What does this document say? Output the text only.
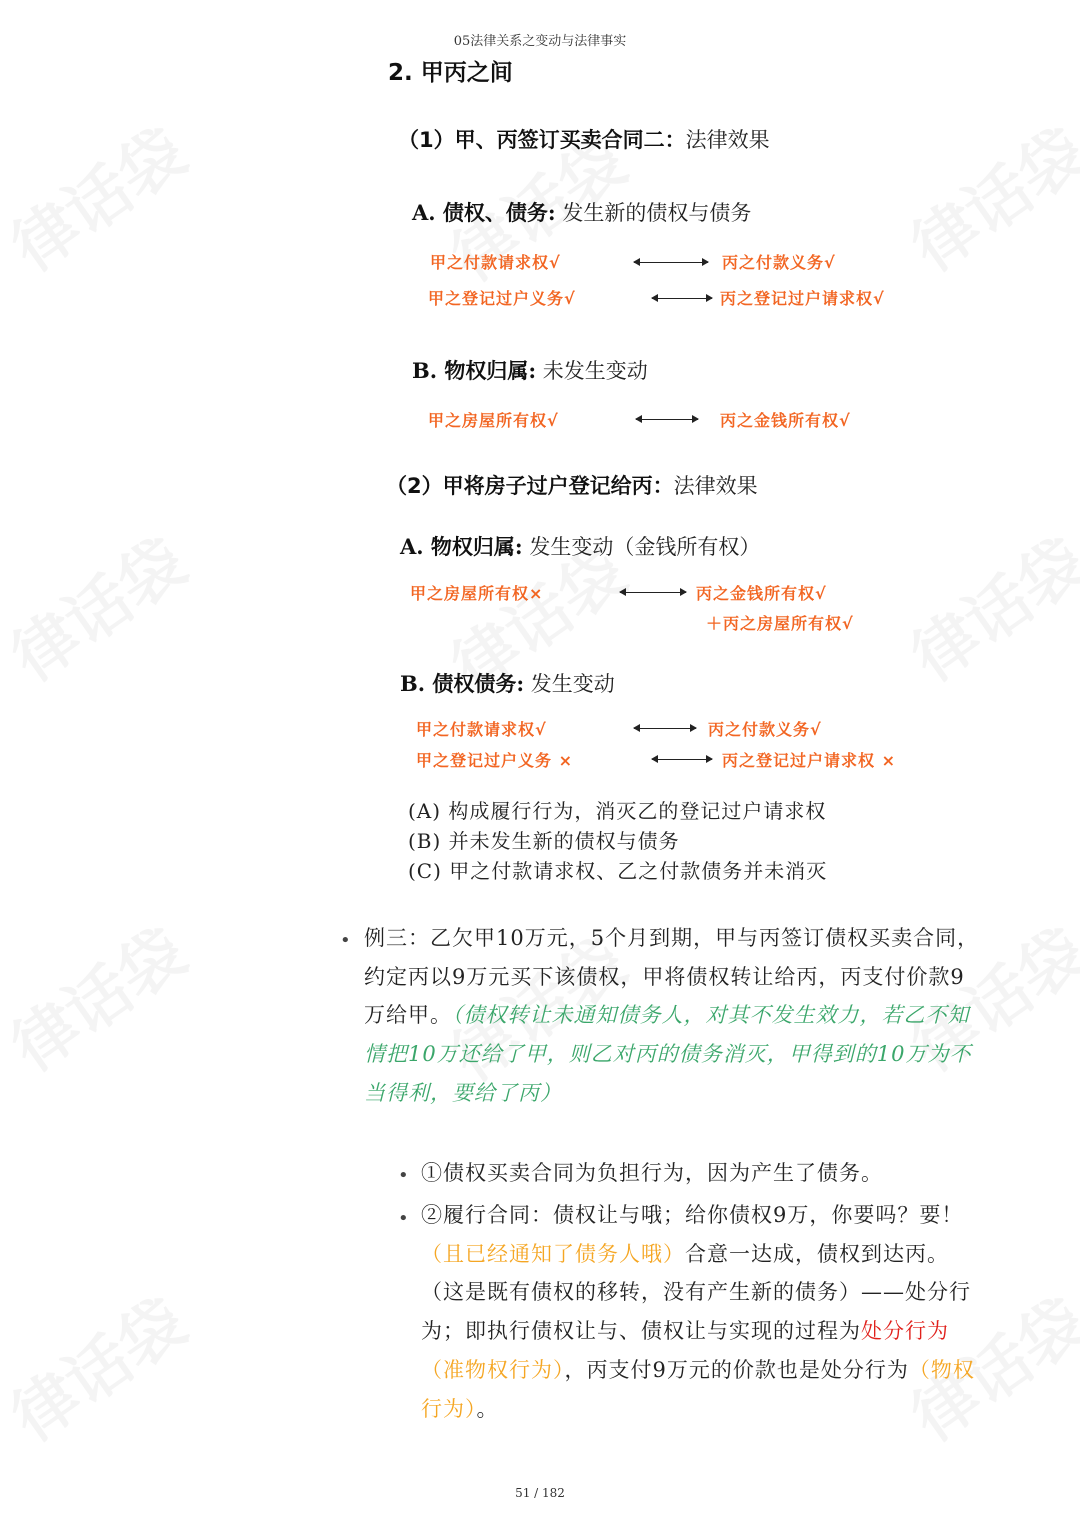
05法律关系之变动与法律事实
2. 甲丙之间
（1）甲、丙签订买卖合同二：法律效果
A. 债权、债务: 发生新的债权与债务
甲之付款请求权√	丙之付款义务√
甲之登记过户义务√	丙之登记过户请求权√
B. 物权归属: 未发生变动
甲之房屋所有权√	丙之金钱所有权√
（2）甲将房子过户登记给丙：法律效果
A. 物权归属: 发生变动（金钱所有权）
甲之房屋所有权×	丙之金钱所有权√
＋丙之房屋所有权√
B. 债权债务: 发生变动
甲之付款请求权√	丙之付款义务√
甲之登记过户义务 ×	丙之登记过户请求权 ×
(A) 构成履行行为，消灭乙的登记过户请求权
(B) 并未发生新的债权与债务
(C) 甲之付款请求权、乙之付款债务并未消灭
• 例三：乙欠甲10万元，5个月到期，甲与丙签订债权买卖合同，约定丙以9万元买下该债权，甲将债权转让给丙，丙支付价款9万给甲。（债权转让未通知债务人，对其不发生效力，若乙不知情把10万还给了甲，则乙对丙的债务消灭，甲得到的10万为不当得利，要给了丙）
• ①债权买卖合同为负担行为，因为产生了债务。
• ②履行合同：债权让与哦；给你债权9万，你要吗？要！（且已经通知了债务人哦）合意一达成，债权到达丙。（这是既有债权的移转，没有产生新的债务）——处分行为；即执行债权让与、债权让与实现的过程为处分行为（准物权行为），丙支付9万元的价款也是处分行为（物权行为）。
51 / 182
